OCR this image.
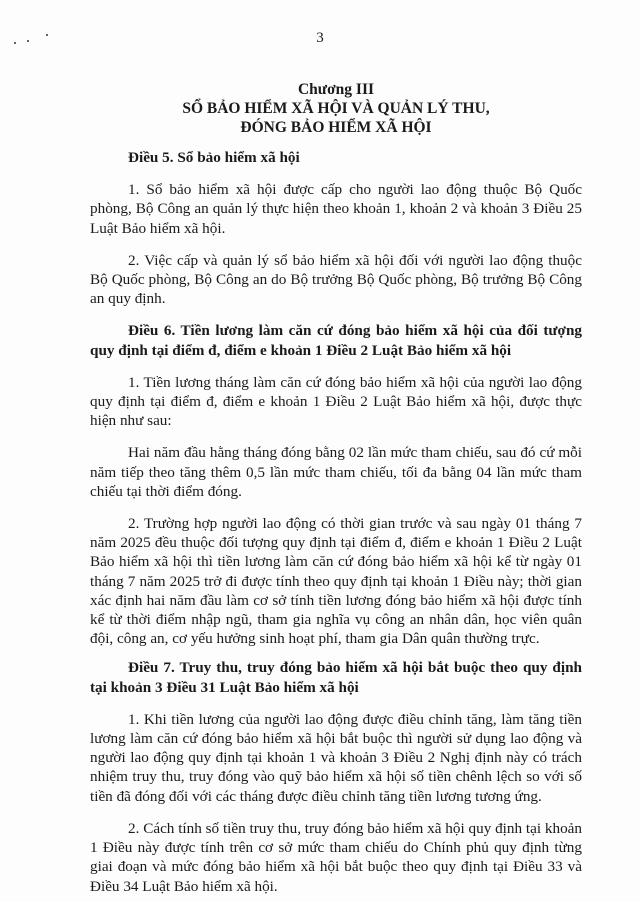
3
Chương III
SỔ BẢO HIỂM XÃ HỘI VÀ QUẢN LÝ THU,
ĐÓNG BẢO HIỂM XÃ HỘI
Điều 5. Sổ bảo hiểm xã hội
1. Sổ bảo hiểm xã hội được cấp cho người lao động thuộc Bộ Quốc phòng, Bộ Công an quản lý thực hiện theo khoản 1, khoản 2 và khoản 3 Điều 25 Luật Bảo hiểm xã hội.
2. Việc cấp và quản lý sổ bảo hiểm xã hội đối với người lao động thuộc Bộ Quốc phòng, Bộ Công an do Bộ trưởng Bộ Quốc phòng, Bộ trưởng Bộ Công an quy định.
Điều 6. Tiền lương làm căn cứ đóng bảo hiểm xã hội của đối tượng quy định tại điểm đ, điểm e khoản 1 Điều 2 Luật Bảo hiểm xã hội
1. Tiền lương tháng làm căn cứ đóng bảo hiểm xã hội của người lao động quy định tại điểm đ, điểm e khoản 1 Điều 2 Luật Bảo hiểm xã hội, được thực hiện như sau:
Hai năm đầu hằng tháng đóng bằng 02 lần mức tham chiếu, sau đó cứ mỗi năm tiếp theo tăng thêm 0,5 lần mức tham chiếu, tối đa bằng 04 lần mức tham chiếu tại thời điểm đóng.
2. Trường hợp người lao động có thời gian trước và sau ngày 01 tháng 7 năm 2025 đều thuộc đối tượng quy định tại điểm đ, điểm e khoản 1 Điều 2 Luật Bảo hiểm xã hội thì tiền lương làm căn cứ đóng bảo hiểm xã hội kể từ ngày 01 tháng 7 năm 2025 trở đi được tính theo quy định tại khoản 1 Điều này; thời gian xác định hai năm đầu làm cơ sở tính tiền lương đóng bảo hiểm xã hội được tính kể từ thời điểm nhập ngũ, tham gia nghĩa vụ công an nhân dân, học viên quân đội, công an, cơ yếu hưởng sinh hoạt phí, tham gia Dân quân thường trực.
Điều 7. Truy thu, truy đóng bảo hiểm xã hội bắt buộc theo quy định tại khoản 3 Điều 31 Luật Bảo hiểm xã hội
1. Khi tiền lương của người lao động được điều chỉnh tăng, làm tăng tiền lương làm căn cứ đóng bảo hiểm xã hội bắt buộc thì người sử dụng lao động và người lao động quy định tại khoản 1 và khoản 3 Điều 2 Nghị định này có trách nhiệm truy thu, truy đóng vào quỹ bảo hiểm xã hội số tiền chênh lệch so với số tiền đã đóng đối với các tháng được điều chỉnh tăng tiền lương tương ứng.
2. Cách tính số tiền truy thu, truy đóng bảo hiểm xã hội quy định tại khoản 1 Điều này được tính trên cơ sở mức tham chiếu do Chính phủ quy định từng giai đoạn và mức đóng bảo hiểm xã hội bắt buộc theo quy định tại Điều 33 và Điều 34 Luật Bảo hiểm xã hội.
